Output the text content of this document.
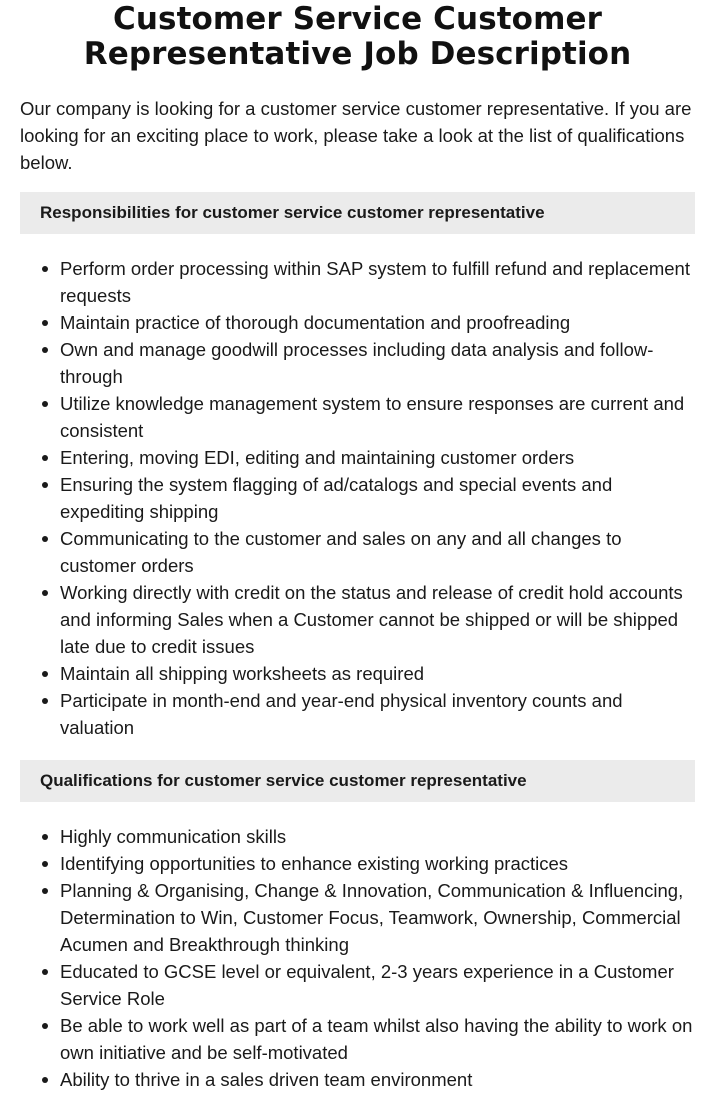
Customer Service Customer Representative Job Description

Our company is looking for a customer service customer representative. If you are looking for an exciting place to work, please take a look at the list of qualifications below.

Responsibilities for customer service customer representative
Perform order processing within SAP system to fulfill refund and replacement requests
Maintain practice of thorough documentation and proofreading
Own and manage goodwill processes including data analysis and follow-through
Utilize knowledge management system to ensure responses are current and consistent
Entering, moving EDI, editing and maintaining customer orders
Ensuring the system flagging of ad/catalogs and special events and expediting shipping
Communicating to the customer and sales on any and all changes to customer orders
Working directly with credit on the status and release of credit hold accounts and informing Sales when a Customer cannot be shipped or will be shipped late due to credit issues
Maintain all shipping worksheets as required
Participate in month-end and year-end physical inventory counts and valuation
Qualifications for customer service customer representative
Highly communication skills
Identifying opportunities to enhance existing working practices
Planning & Organising, Change & Innovation, Communication & Influencing, Determination to Win, Customer Focus, Teamwork, Ownership, Commercial Acumen and Breakthrough thinking
Educated to GCSE level or equivalent, 2-3 years experience in a Customer Service Role
Be able to work well as part of a team whilst also having the ability to work on own initiative and be self-motivated
Ability to thrive in a sales driven team environment
